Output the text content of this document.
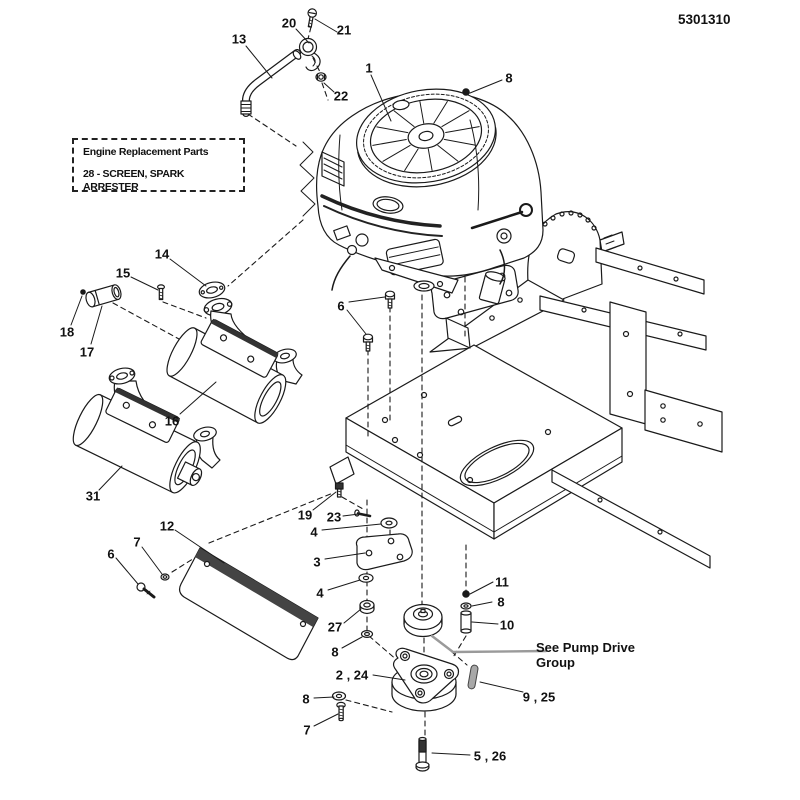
5301310
Engine Replacement Parts
28 - SCREEN, SPARK ARRESTER
See Pump Drive
Group
20	21
13
1
22
8
14
15
18
17
6
16
31
12
7
6
19 23
4
3
4
27
8
11
8
10
2 , 24
9 , 25
8
7
5 , 26
